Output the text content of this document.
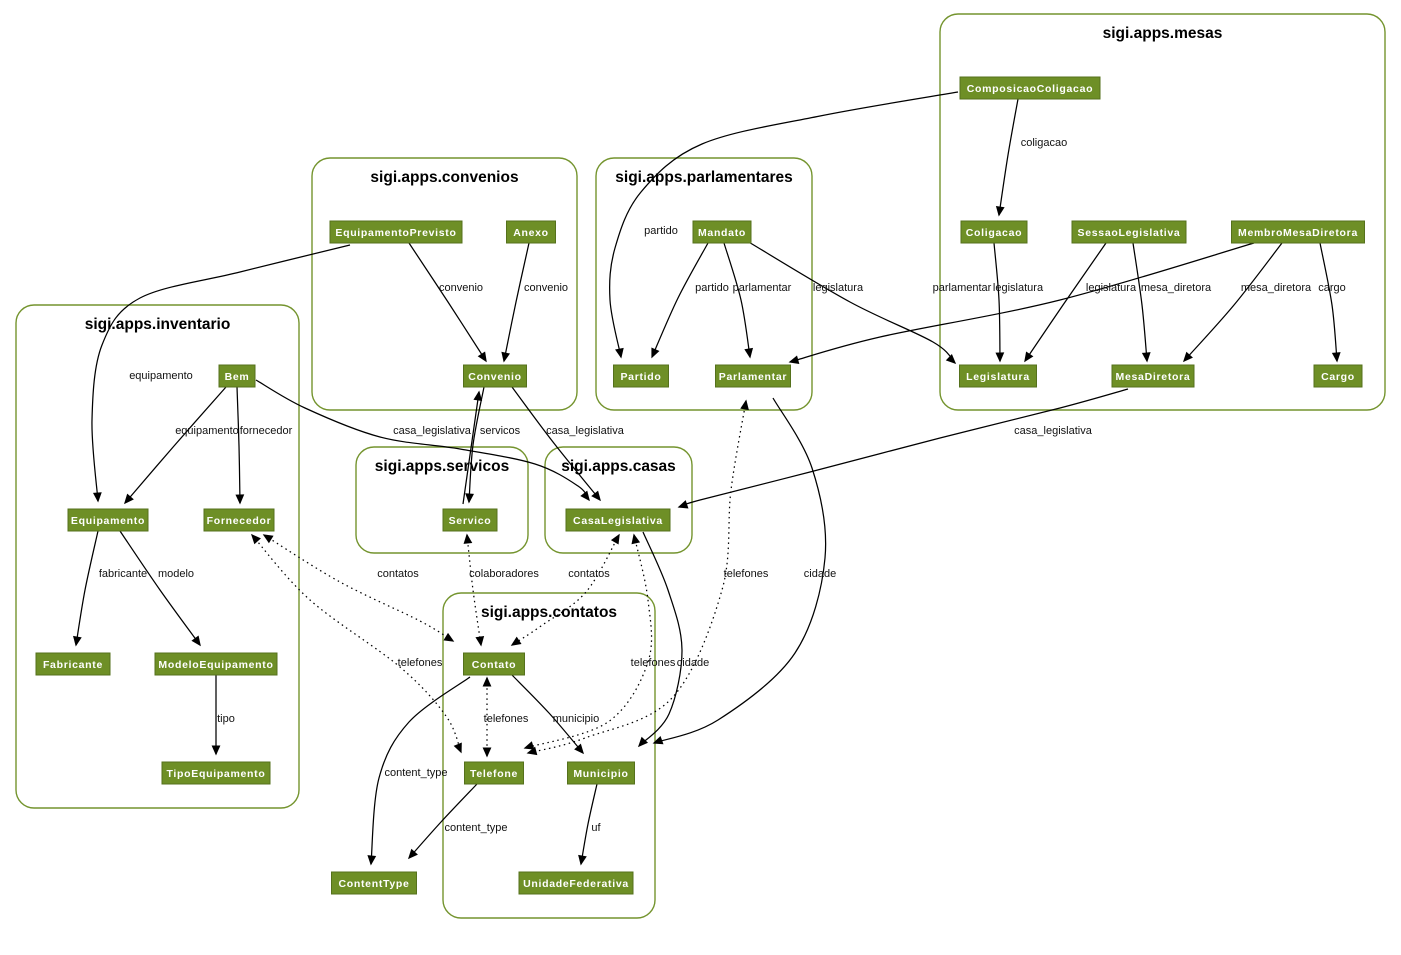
sigi.apps.mesas
sigi.apps.convenios	sigi.apps.parlamentares
sigi.apps.inventario
sigi.apps.servicos	sigi.apps.casas
sigi.apps.contatos
coligacao
partido
partido parlamentar legislatura	parlamentar legislatura	legislatura mesa_diretora	mesa_diretora cargo
convenio	convenio
equipamento
equipamento fornecedor	casa_legislativa servicos casa_legislativa	casa_legislativa
cidade
cidade
municipio
uf
content_type
content_type
tipo
fabricante modelo	colaboradores	contatos
contatos
telefones
telefones
telefones
telefones
ComposicaoColigacao
Coligacao	SessaoLegislativa	MembroMesaDiretora
Legislatura	MesaDiretora	Cargo
EquipamentoPrevisto	Anexo
Convenio
Mandato
Partido	Parlamentar
Bem
Equipamento	Fornecedor
Fabricante	ModeloEquipamento
TipoEquipamento
Servico	CasaLegislativa
Contato
Telefone	Municipio
UnidadeFederativa
ContentType
